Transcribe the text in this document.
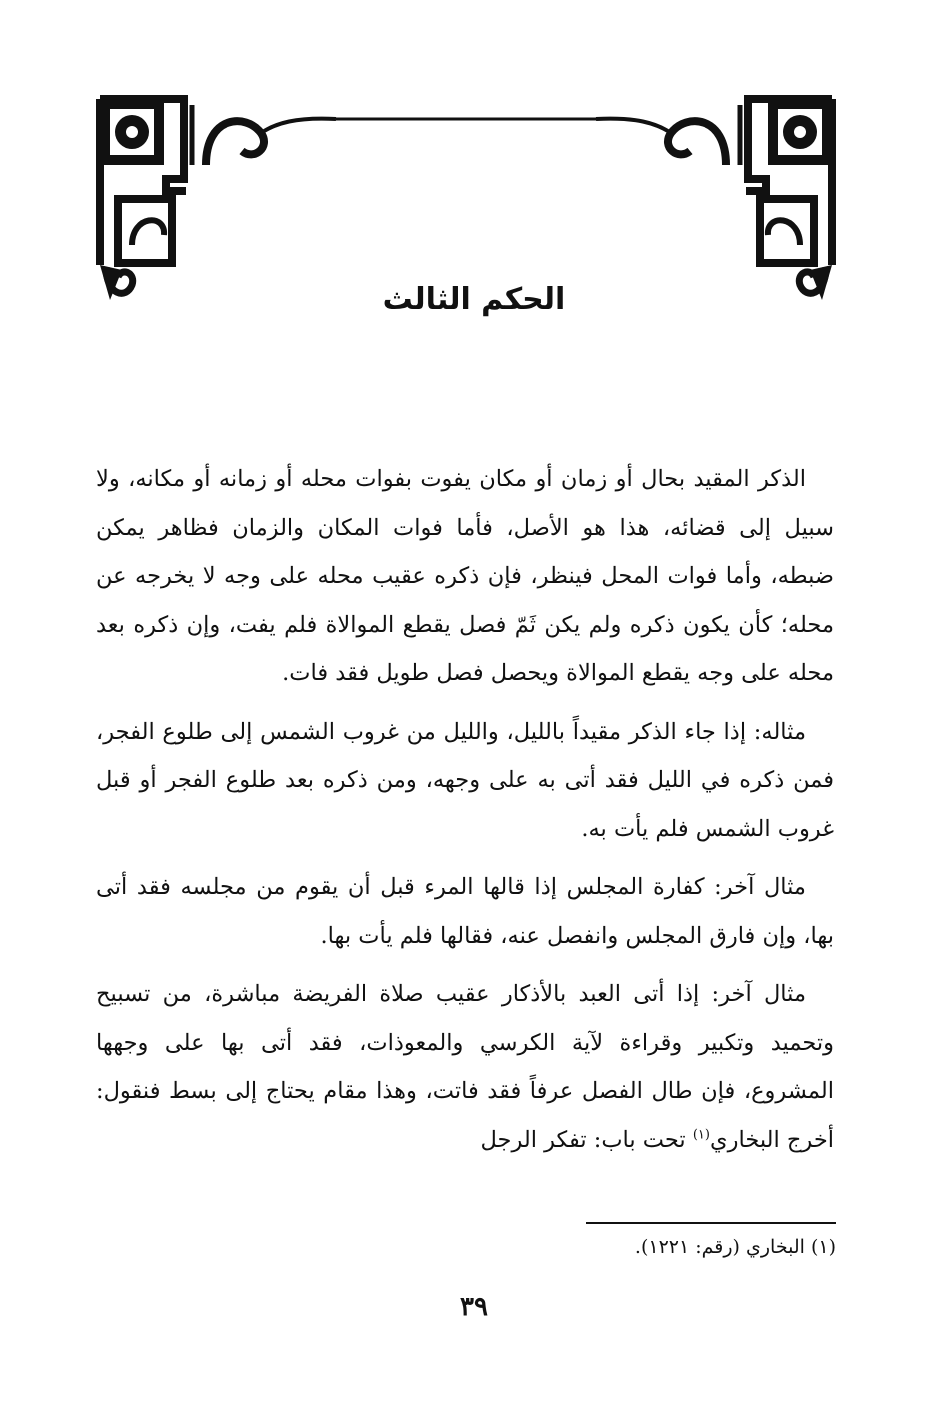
الحكم الثالث

الذكر المقيد بحال أو زمان أو مكان يفوت بفوات محله أو زمانه أو مكانه، ولا سبيل إلى قضائه، هذا هو الأصل، فأما فوات المكان والزمان فظاهر يمكن ضبطه، وأما فوات المحل فينظر، فإن ذكره عقيب محله على وجه لا يخرجه عن محله؛ كأن يكون ذكره ولم يكن ثَمّ فصل يقطع الموالاة فلم يفت، وإن ذكره بعد محله على وجه يقطع الموالاة ويحصل فصل طويل فقد فات.

مثاله: إذا جاء الذكر مقيداً بالليل، والليل من غروب الشمس إلى طلوع الفجر، فمن ذكره في الليل فقد أتى به على وجهه، ومن ذكره بعد طلوع الفجر أو قبل غروب الشمس فلم يأت به.

مثال آخر: كفارة المجلس إذا قالها المرء قبل أن يقوم من مجلسه فقد أتى بها، وإن فارق المجلس وانفصل عنه، فقالها فلم يأت بها.

مثال آخر: إذا أتى العبد بالأذكار عقيب صلاة الفريضة مباشرة، من تسبيح وتحميد وتكبير وقراءة لآية الكرسي والمعوذات، فقد أتى بها على وجهها المشروع، فإن طال الفصل عرفاً فقد فاتت، وهذا مقام يحتاج إلى بسط فنقول: أخرج البخاري$^{(١)}$ تحت باب: تفكر الرجل

(١) البخاري (رقم: ١٢٢١).
٣٩
